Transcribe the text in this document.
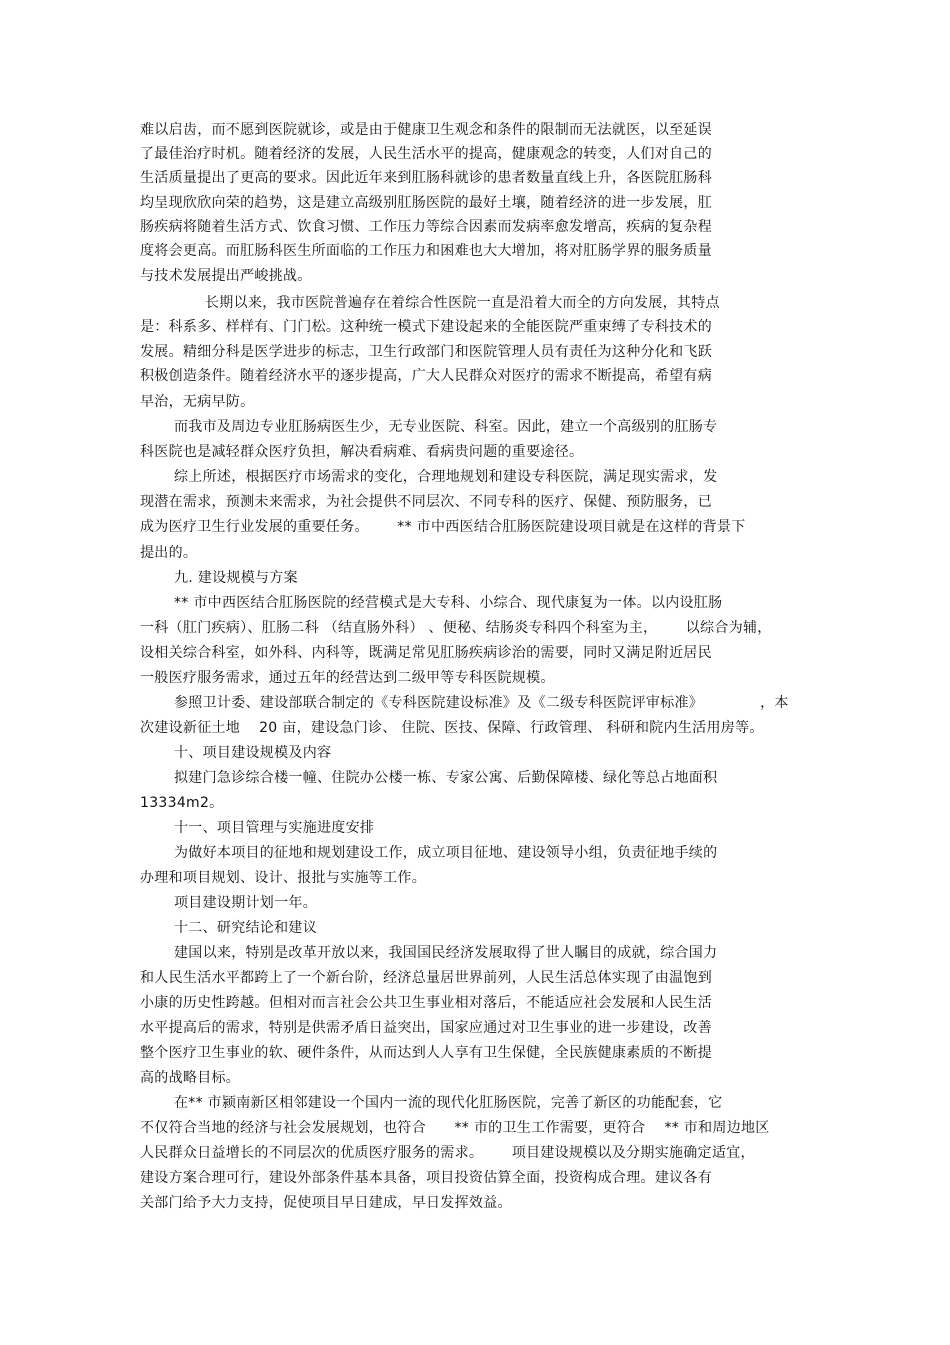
难以启齿，而不愿到医院就诊，或是由于健康卫生观念和条件的限制而无法就医，以至延误
了最佳治疗时机。随着经济的发展，人民生活水平的提高，健康观念的转变，人们对自己的
生活质量提出了更高的要求。因此近年来到肛肠科就诊的患者数量直线上升，各医院肛肠科
均呈现欣欣向荣的趋势，这是建立高级别肛肠医院的最好土壤，随着经济的进一步发展，肛
肠疾病将随着生活方式、饮食习惯、工作压力等综合因素而发病率愈发增高，疾病的复杂程
度将会更高。而肛肠科医生所面临的工作压力和困难也大大增加，将对肛肠学界的服务质量
与技术发展提出严峻挑战。
长期以来，我市医院普遍存在着综合性医院一直是沿着大而全的方向发展，其特点
是：科系多、样样有、门门松。这种统一模式下建设起来的全能医院严重束缚了专科技术的
发展。精细分科是医学进步的标志，卫生行政部门和医院管理人员有责任为这种分化和飞跃
积极创造条件。随着经济水平的逐步提高，广大人民群众对医疗的需求不断提高，希望有病
早治，无病早防。
而我市及周边专业肛肠病医生少，无专业医院、科室。因此，建立一个高级别的肛肠专
科医院也是减轻群众医疗负担，解决看病难、看病贵问题的重要途径。
综上所述，根据医疗市场需求的变化，合理地规划和建设专科医院，满足现实需求，发
现潜在需求，预测未来需求，为社会提供不同层次、不同专科的医疗、保健、预防服务，已
成为医疗卫生行业发展的重要任务。      ** 市中西医结合肛肠医院建设项目就是在这样的背景下
提出的。
九. 建设规模与方案
** 市中西医结合肛肠医院的经营模式是大专科、小综合、现代康复为一体。以内设肛肠
一科（肛门疾病）、肛肠二科 （结直肠外科） 、便秘、结肠炎专科四个科室为主，      以综合为辅，
设相关综合科室，如外科、内科等，既满足常见肛肠疾病诊治的需要，同时又满足附近居民
一般医疗服务需求，通过五年的经营达到二级甲等专科医院规模。
参照卫计委、建设部联合制定的《专科医院建设标准》及《二级专科医院评审标准》            ，本
次建设新征土地    20 亩，建设急门诊、 住院、医技、保障、行政管理、 科研和院内生活用房等。
十、项目建设规模及内容
拟建门急诊综合楼一幢、住院办公楼一栋、专家公寓、后勤保障楼、绿化等总占地面积
13334m2。
十一、项目管理与实施进度安排
为做好本项目的征地和规划建设工作，成立项目征地、建设领导小组，负责征地手续的
办理和项目规划、设计、报批与实施等工作。
项目建设期计划一年。
十二、研究结论和建议
建国以来，特别是改革开放以来，我国国民经济发展取得了世人瞩目的成就，综合国力
和人民生活水平都跨上了一个新台阶，经济总量居世界前列，人民生活总体实现了由温饱到
小康的历史性跨越。但相对而言社会公共卫生事业相对落后，不能适应社会发展和人民生活
水平提高后的需求，特别是供需矛盾日益突出，国家应通过对卫生事业的进一步建设，改善
整个医疗卫生事业的软、硬件条件，从而达到人人享有卫生保健，全民族健康素质的不断提
高的战略目标。
在** 市颍南新区相邻建设一个国内一流的现代化肛肠医院，完善了新区的功能配套，它
不仅符合当地的经济与社会发展规划，也符合      ** 市的卫生工作需要，更符合    ** 市和周边地区
人民群众日益增长的不同层次的优质医疗服务的需求。      项目建设规模以及分期实施确定适宜，
建设方案合理可行，建设外部条件基本具备，项目投资估算全面，投资构成合理。建议各有
关部门给予大力支持，促使项目早日建成，早日发挥效益。
